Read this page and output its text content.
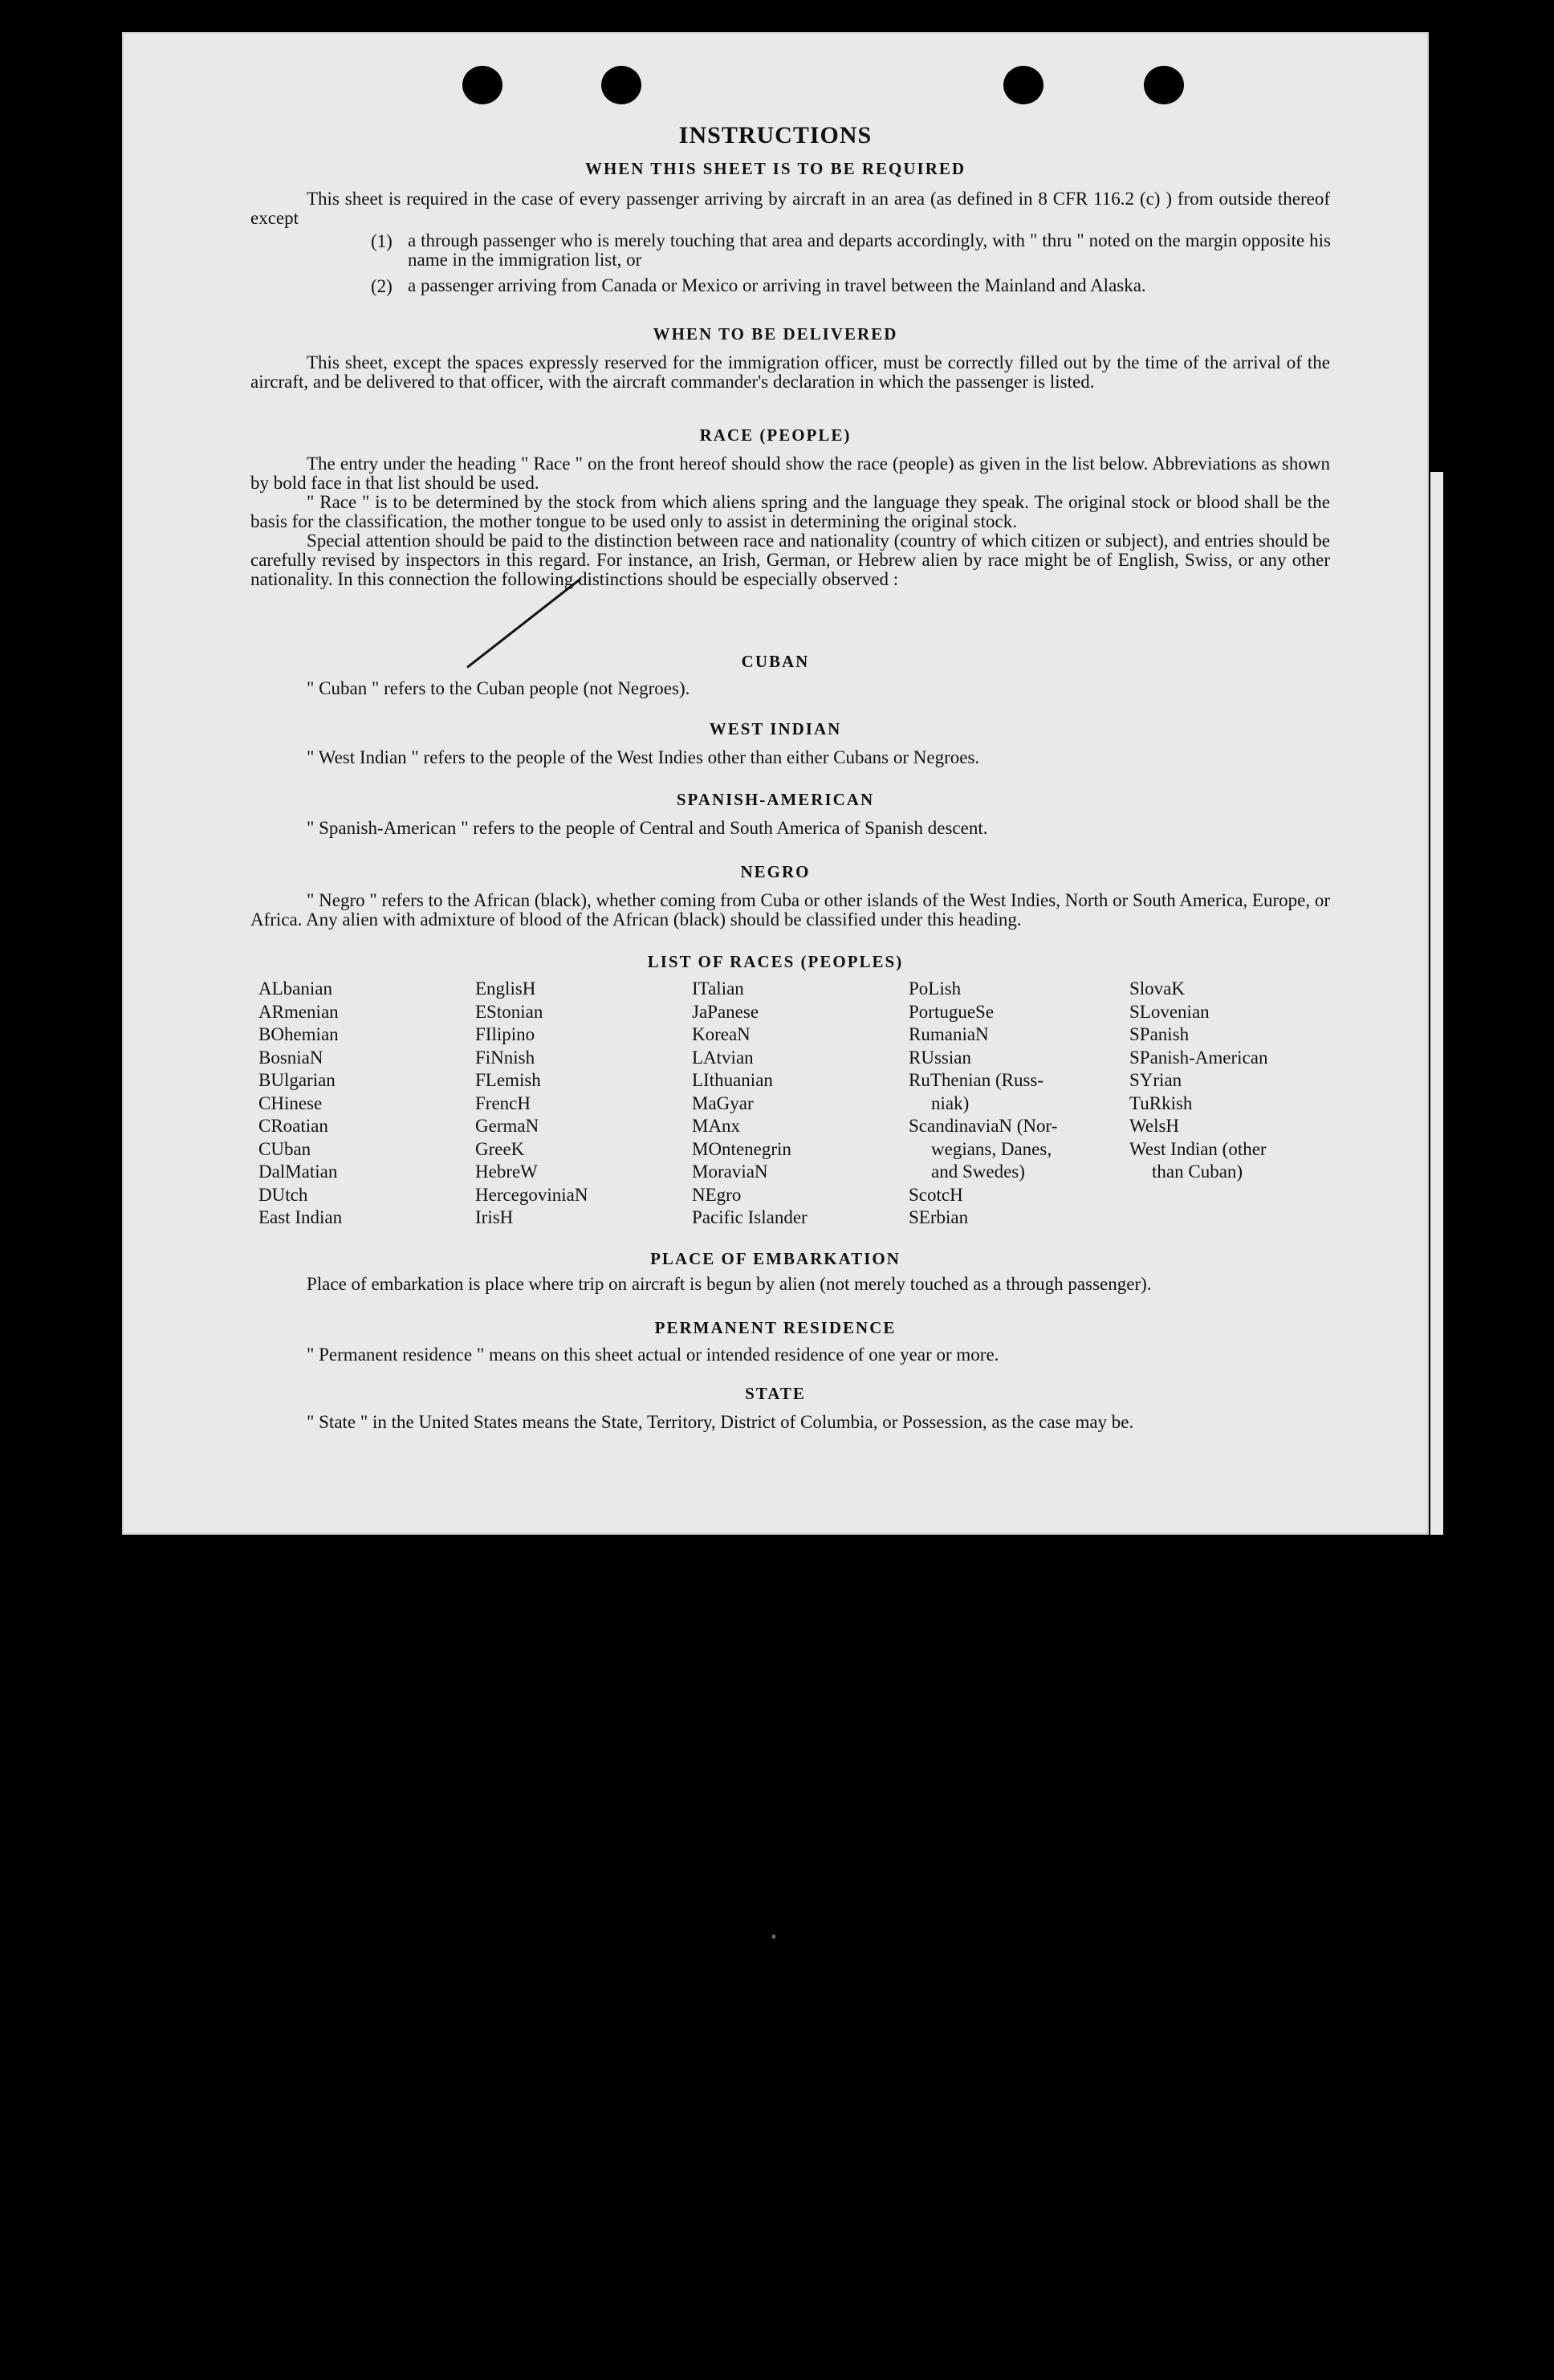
INSTRUCTIONS
WHEN THIS SHEET IS TO BE REQUIRED

This sheet is required in the case of every passenger arriving by aircraft in an area (as defined in 8 CFR 116.2 (c) ) from outside thereof except

(1) a through passenger who is merely touching that area and departs accordingly, with " thru " noted on the margin opposite his name in the immigration list, or

(2) a passenger arriving from Canada or Mexico or arriving in travel between the Mainland and Alaska.

WHEN TO BE DELIVERED

This sheet, except the spaces expressly reserved for the immigration officer, must be correctly filled out by the time of the arrival of the aircraft, and be delivered to that officer, with the aircraft commander's declaration in which the passenger is listed.

RACE (PEOPLE)

The entry under the heading " Race " on the front hereof should show the race (people) as given in the list below. Abbreviations as shown by bold face in that list should be used.

" Race " is to be determined by the stock from which aliens spring and the language they speak. The original stock or blood shall be the basis for the classification, the mother tongue to be used only to assist in determining the original stock.

Special attention should be paid to the distinction between race and nationality (country of which citizen or subject), and entries should be carefully revised by inspectors in this regard. For instance, an Irish, German, or Hebrew alien by race might be of English, Swiss, or any other nationality. In this connection the following distinctions should be especially observed :

CUBAN

" Cuban " refers to the Cuban people (not Negroes).

WEST INDIAN

" West Indian " refers to the people of the West Indies other than either Cubans or Negroes.

SPANISH-AMERICAN

" Spanish-American " refers to the people of Central and South America of Spanish descent.

NEGRO

" Negro " refers to the African (black), whether coming from Cuba or other islands of the West Indies, North or South America, Europe, or Africa. Any alien with admixture of blood of the African (black) should be classified under this heading.

LIST OF RACES (PEOPLES)
ALbanian
ARmenian
BOhemian
BosniaN
BUlgarian
CHinese
CRoatian
CUban
DalMatian
DUtch
East Indian
EnglisH
EStonian
FIlipino
FiNnish
FLemish
FrencH
GermaN
GreeK
HebreW
HercegoviniaN
IrisH
ITalian
JaPanese
KoreaN
LAtvian
LIthuanian
MaGyar
MAnx
MOntenegrin
MoraviaN
NEgro
Pacific Islander
PoLish
PortugueSe
RumaniaN
RUssian
RuThenian (Russ-
niak)
ScandinaviaN (Nor-
wegians, Danes,
and Swedes)
ScotcH
SErbian
SlovaK
SLovenian
SPanish
SPanish-American
SYrian
TuRkish
WelsH
West Indian (other
than Cuban)
PLACE OF EMBARKATION

Place of embarkation is place where trip on aircraft is begun by alien (not merely touched as a through passenger).

PERMANENT RESIDENCE

" Permanent residence " means on this sheet actual or intended residence of one year or more.

STATE

" State " in the United States means the State, Territory, District of Columbia, or Possession, as the case may be.

•
